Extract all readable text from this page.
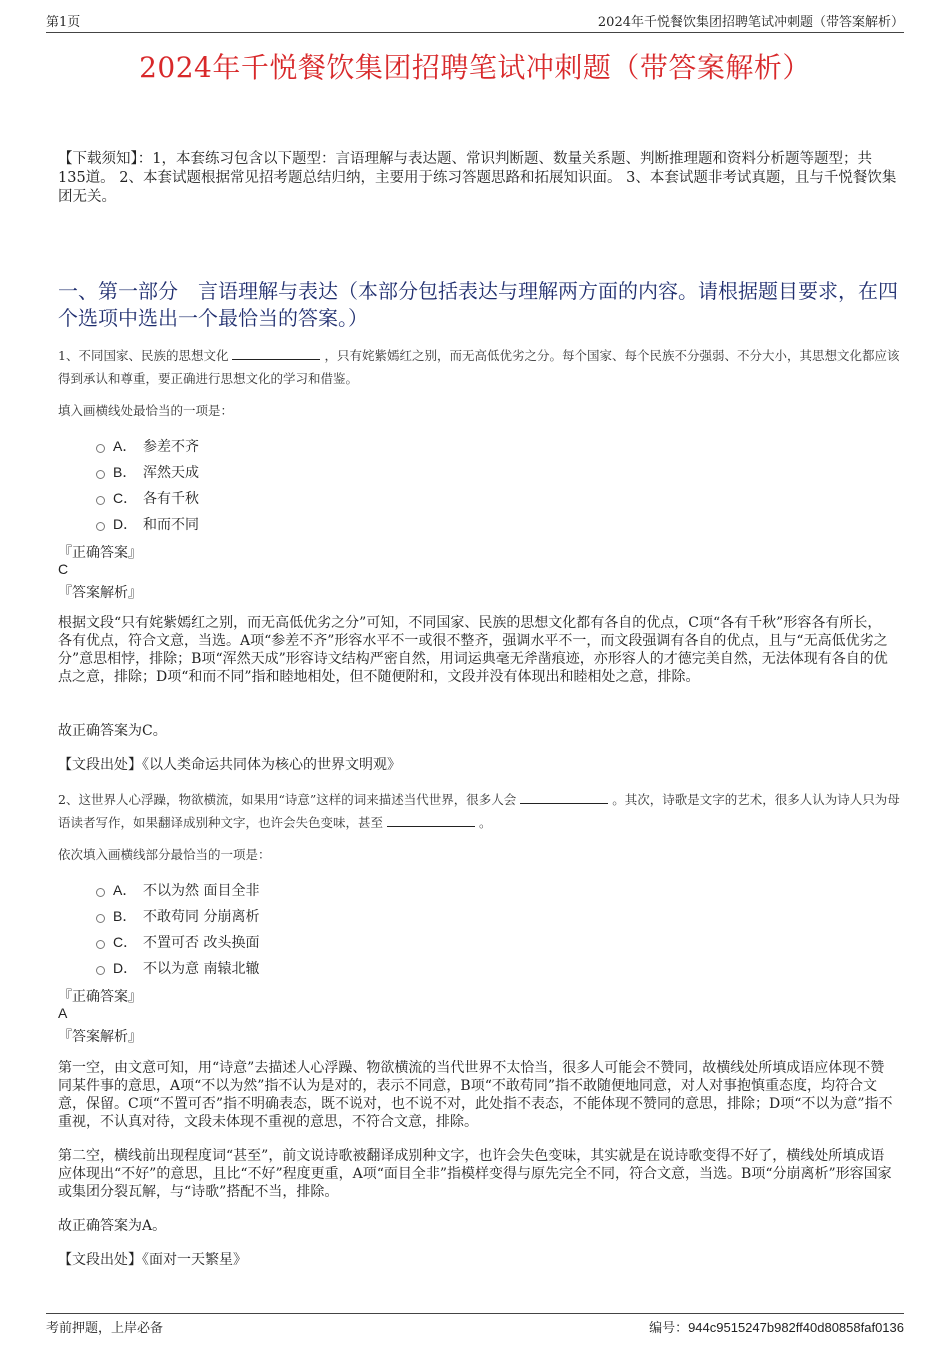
第1页	2024年千悦餐饮集团招聘笔试冲刺题（带答案解析）
2024年千悦餐饮集团招聘笔试冲刺题（带答案解析）
【下载须知】：1，本套练习包含以下题型：言语理解与表达题、常识判断题、数量关系题、判断推理题和资料分析题等题型；共135道。 2、本套试题根据常见招考题总结归纳，主要用于练习答题思路和拓展知识面。 3、本套试题非考试真题，且与千悦餐饮集团无关。
一、第一部分　言语理解与表达（本部分包括表达与理解两方面的内容。请根据题目要求，在四个选项中选出一个最恰当的答案。）
1、不同国家、民族的思想文化	，只有姹紫嫣红之别，而无高低优劣之分。每个国家、每个民族不分强弱、不分大小，其思想文化都应该得到承认和尊重，要正确进行思想文化的学习和借鉴。
填入画横线处最恰当的一项是：
A． 参差不齐
B． 浑然天成
C． 各有千秋
D． 和而不同
『正确答案』
C
『答案解析』
根据文段“只有姹紫嫣红之别，而无高低优劣之分”可知，不同国家、民族的思想文化都有各自的优点，C项“各有千秋”形容各有所长，各有优点，符合文意，当选。A项“参差不齐”形容水平不一或很不整齐，强调水平不一，而文段强调有各自的优点，且与“无高低优劣之分”意思相悖，排除；B项“浑然天成”形容诗文结构严密自然，用词运典毫无斧凿痕迹，亦形容人的才德完美自然，无法体现有各自的优点之意，排除；D项“和而不同”指和睦地相处，但不随便附和，文段并没有体现出和睦相处之意，排除。
故正确答案为C。
【文段出处】《以人类命运共同体为核心的世界文明观》
2、这世界人心浮躁，物欲横流，如果用“诗意”这样的词来描述当代世界，很多人会	。其次，诗歌是文字的艺术，很多人认为诗人只为母语读者写作，如果翻译成别种文字，也许会失色变味，甚至	。
依次填入画横线部分最恰当的一项是：
A． 不以为然 面目全非
B． 不敢苟同 分崩离析
C． 不置可否 改头换面
D． 不以为意 南辕北辙
『正确答案』
A
『答案解析』
第一空，由文意可知，用“诗意”去描述人心浮躁、物欲横流的当代世界不太恰当，很多人可能会不赞同，故横线处所填成语应体现不赞同某件事的意思，A项“不以为然”指不认为是对的，表示不同意，B项“不敢苟同”指不敢随便地同意，对人对事抱慎重态度，均符合文意，保留。C项“不置可否”指不明确表态，既不说对，也不说不对，此处指不表态，不能体现不赞同的意思，排除；D项“不以为意”指不重视，不认真对待，文段未体现不重视的意思，不符合文意，排除。
第二空，横线前出现程度词“甚至”，前文说诗歌被翻译成别种文字，也许会失色变味，其实就是在说诗歌变得不好了，横线处所填成语应体现出“不好”的意思，且比“不好”程度更重，A项“面目全非”指模样变得与原先完全不同，符合文意，当选。B项“分崩离析”形容国家或集团分裂瓦解，与“诗歌”搭配不当，排除。
故正确答案为A。
【文段出处】《面对一天繁星》
考前押题，上岸必备	编号：944c9515247b982ff40d80858faf0136
